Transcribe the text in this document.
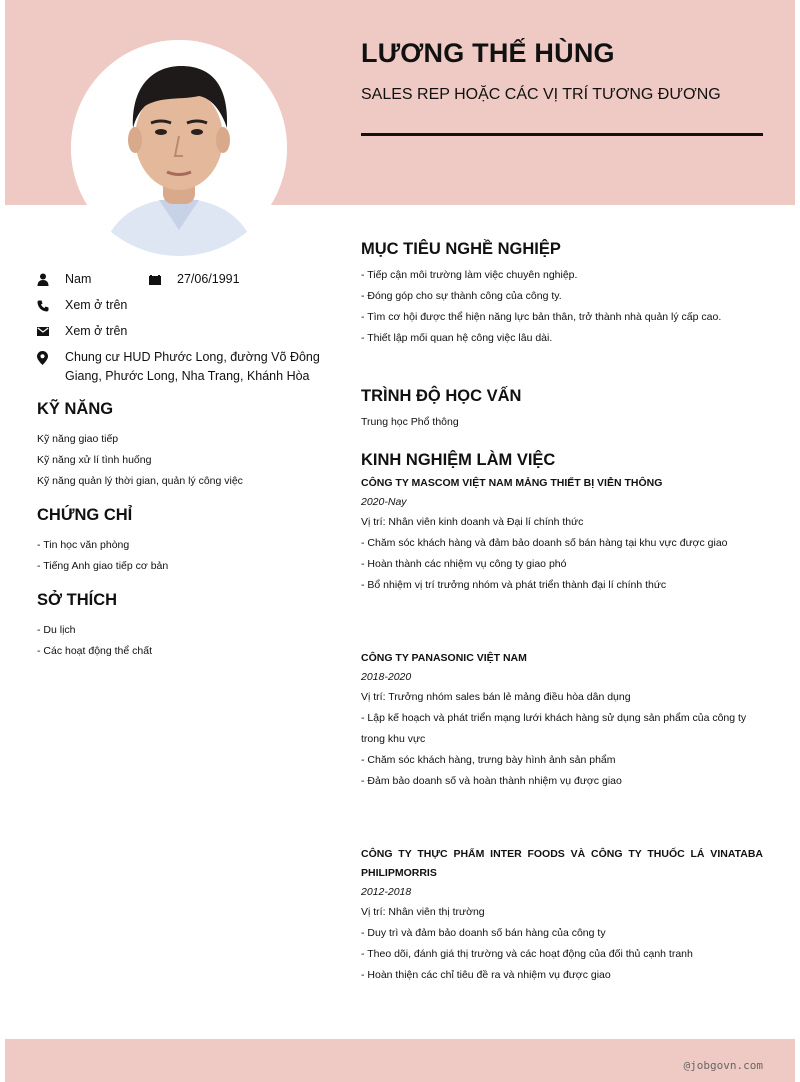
LƯƠNG THẾ HÙNG
SALES REP HOẶC CÁC VỊ TRÍ TƯƠNG ĐƯƠNG
Nam	27/06/1991
Xem ở trên
Xem ở trên
Chung cư HUD Phước Long, đường Võ Đông Giang, Phước Long, Nha Trang, Khánh Hòa
KỸ NĂNG
Kỹ năng giao tiếp
Kỹ năng xử lí tình huống
Kỹ năng quản lý thời gian, quản lý công việc
CHỨNG CHỈ
- Tin học văn phòng
- Tiếng Anh giao tiếp cơ bản
SỞ THÍCH
- Du lịch
- Các hoạt động thể chất
MỤC TIÊU NGHỀ NGHIỆP
- Tiếp cận môi trường làm việc chuyên nghiệp.
- Đóng góp cho sự thành công của công ty.
- Tìm cơ hội được thể hiện năng lực bản thân, trở thành nhà quản lý cấp cao.
- Thiết lập mối quan hệ công việc lâu dài.
TRÌNH ĐỘ HỌC VẤN
Trung học Phổ thông
KINH NGHIỆM LÀM VIỆC
CÔNG TY MASCOM VIỆT NAM MẢNG THIẾT BỊ VIỄN THÔNG
2020-Nay
Vị trí: Nhân viên kinh doanh và Đại lí chính thức
- Chăm sóc khách hàng và đảm bảo doanh số bán hàng tại khu vực được giao
- Hoàn thành các nhiệm vụ công ty giao phó
- Bổ nhiệm vị trí trưởng nhóm và phát triển thành đại lí chính thức
CÔNG TY PANASONIC VIỆT NAM
2018-2020
Vị trí: Trưởng nhóm sales bán lẻ mảng điều hòa dân dụng
- Lập kế hoạch và phát triển mạng lưới khách hàng sử dụng sản phẩm của công ty trong khu vực
- Chăm sóc khách hàng, trưng bày hình ảnh sản phẩm
- Đảm bảo doanh số và hoàn thành nhiệm vụ được giao
CÔNG TY THỰC PHẨM INTER FOODS VÀ CÔNG TY THUỐC LÁ VINATABA PHILIPMORRIS
2012-2018
Vị trí: Nhân viên thị trường
- Duy trì và đảm bảo doanh số bán hàng của công ty
- Theo dõi, đánh giá thị trường và các hoạt động của đối thủ cạnh tranh
- Hoàn thiện các chỉ tiêu đề ra và nhiệm vụ được giao
@jobgovn.com
